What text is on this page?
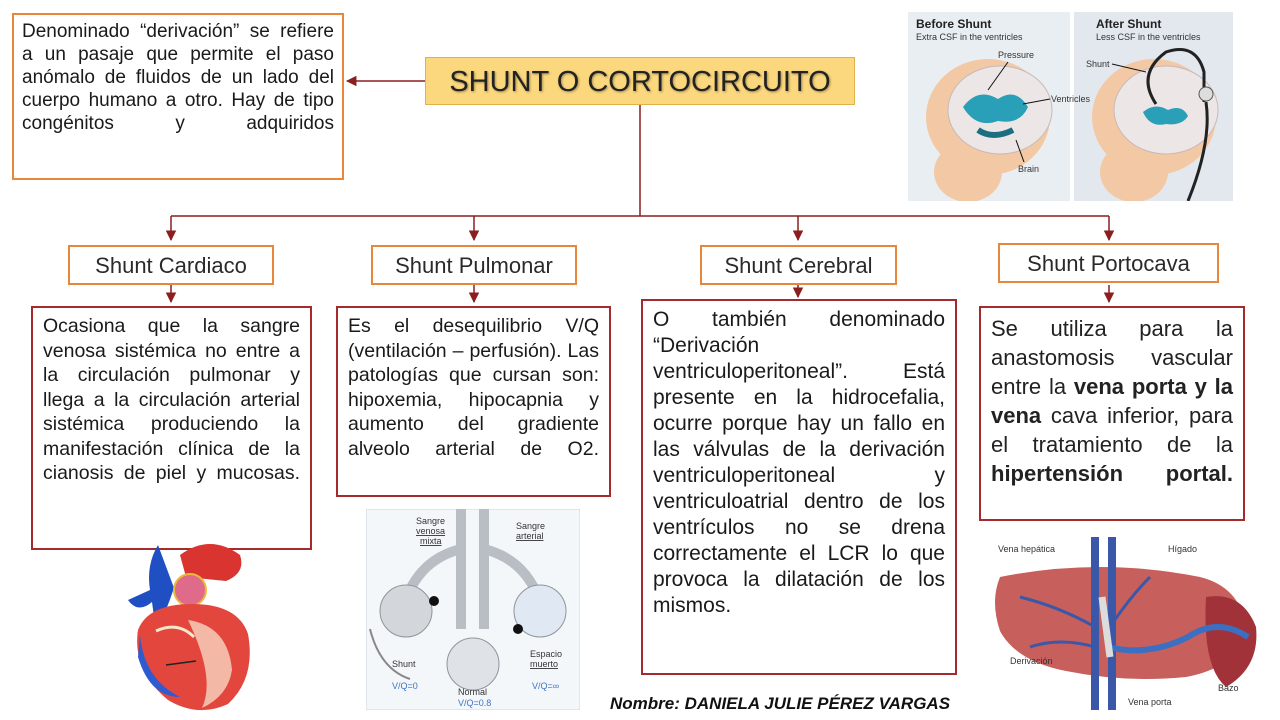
Denominado “derivación” se refiere a un pasaje que permite el paso anómalo de fluidos de un lado del cuerpo humano a otro. Hay de tipo congénitos y adquiridos
SHUNT O CORTOCIRCUITO
Shunt Cardiaco	Shunt Pulmonar	Shunt Cerebral	Shunt Portocava
Ocasiona que la sangre venosa sistémica no entre a la circulación pulmonar y llega a la circulación arterial sistémica produciendo la manifestación clínica de la cianosis de piel y mucosas.
Es el desequilibrio V/Q (ventilación – perfusión). Las patologías que cursan son: hipoxemia, hipocapnia y aumento del gradiente alveolo arterial de O2.
O también denominado “Derivación ventriculoperitoneal”. Está presente en la hidrocefalia, ocurre porque hay un fallo en las válvulas de la derivación ventriculoperitoneal y ventriculoatrial dentro de los ventrículos no se drena correctamente el LCR lo que provoca la dilatación de los mismos.
Se utiliza para la anastomosis vascular entre la vena porta y la vena cava inferior, para el tratamiento de la hipertensión portal.
Before Shunt
Extra CSF in the ventricles
After Shunt
Less CSF in the ventricles
Pressure
Ventricles
Brain
Shunt
Sangre
venosa
mixta
Sangre
arterial
Shunt
V/Q=0
Normal
V/Q=0.8
Espacio
muerto
V/Q=∞
Vena hepática	Hígado
Derivación
Vena porta
Bazo
Nombre: DANIELA JULIE PÉREZ VARGAS
